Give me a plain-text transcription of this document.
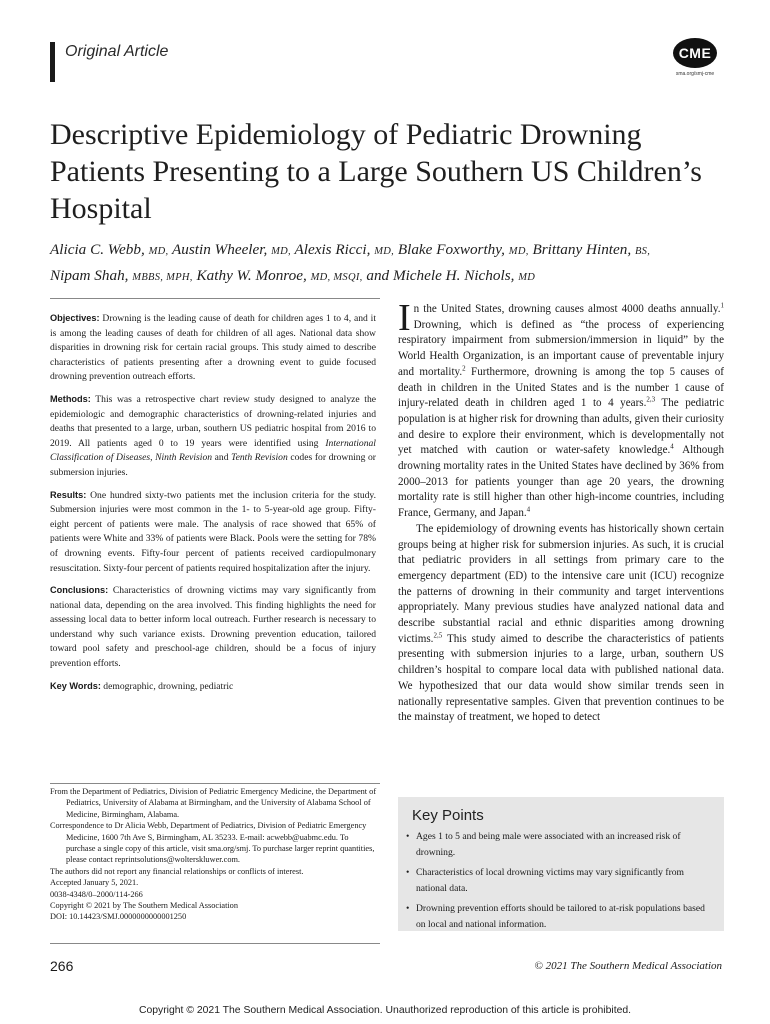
Original Article	CME
sma.org/smj-cme
Descriptive Epidemiology of Pediatric Drowning Patients Presenting to a Large Southern US Children’s Hospital
Alicia C. Webb, MD, Austin Wheeler, MD, Alexis Ricci, MD, Blake Foxworthy, MD, Brittany Hinten, BS,
Nipam Shah, MBBS, MPH, Kathy W. Monroe, MD, MSQI, and Michele H. Nichols, MD

Objectives: Drowning is the leading cause of death for children ages 1 to 4, and it is among the leading causes of death for children of all ages. National data show disparities in drowning risk for certain racial groups. This study aimed to describe characteristics of patients presenting after a drowning event to guide focused drowning prevention outreach efforts.

Methods: This was a retrospective chart review study designed to analyze the epidemiologic and demographic characteristics of drowning-related injuries and deaths that presented to a large, urban, southern US pediatric hospital from 2016 to 2019. All patients aged 0 to 19 years were identified using International Classification of Diseases, Ninth Revision and Tenth Revision codes for drowning or submersion injuries.

Results: One hundred sixty-two patients met the inclusion criteria for the study. Submersion injuries were most common in the 1- to 5-year-old age group. Fifty-eight percent of patients were male. The analysis of race showed that 65% of patients were White and 33% of patients were Black. Pools were the setting for 78% of drowning events. Fifty-four percent of patients received cardiopulmonary resuscitation. Sixty-four percent of patients required hospitalization after the injury.

Conclusions: Characteristics of drowning victims may vary significantly from national data, depending on the area involved. This finding highlights the need for assessing local data to better inform local outreach. Further research is necessary to understand why such variance exists. Drowning prevention education, tailored toward pool safety and preschool-age children, should be a focus of injury prevention efforts.

Key Words: demographic, drowning, pediatric

From the Department of Pediatrics, Division of Pediatric Emergency Medicine, the Department of Pediatrics, University of Alabama at Birmingham, and the University of Alabama School of Medicine, Birmingham, Alabama.
Correspondence to Dr Alicia Webb, Department of Pediatrics, Division of Pediatric Emergency Medicine, 1600 7th Ave S, Birmingham, AL 35233. E-mail: acwebb@uabmc.edu. To purchase a single copy of this article, visit sma.org/smj. To purchase larger reprint quantities, please contact reprintsolutions@wolterskluwer.com.
The authors did not report any financial relationships or conflicts of interest.
Accepted January 5, 2021.
0038-4348/0–2000/114-266
Copyright © 2021 by The Southern Medical Association
DOI: 10.14423/SMJ.0000000000001250

In the United States, drowning causes almost 4000 deaths annually.$^1$ Drowning, which is defined as “the process of experiencing respiratory impairment from submersion/immersion in liquid” by the World Health Organization, is an important cause of preventable injury and mortality.$^2$ Furthermore, drowning is among the top 5 causes of death in children in the United States and is the number 1 cause of injury-related death in children aged 1 to 4 years.$^{2,3}$ The pediatric population is at higher risk for drowning than adults, given their curiosity and desire to explore their environment, which is developmentally not yet matched with caution or water-safety knowledge.$^4$ Although drowning mortality rates in the United States have declined by 36% from 2000–2013 for patients younger than age 20 years, the drowning mortality rate is still higher than other high-income countries, including France, Germany, and Japan.$^4$

The epidemiology of drowning events has historically shown certain groups being at higher risk for submersion injuries. As such, it is crucial that pediatric providers in all settings from primary care to the emergency department (ED) to the intensive care unit (ICU) recognize the patterns of drowning in their community and target interventions appropriately. Many previous studies have analyzed national data and describe substantial racial and ethnic disparities among drowning victims.$^{2,5}$ This study aimed to describe the characteristics of patients presenting with submersion injuries to a large, urban, southern US children’s hospital to compare local data with published national data. We hypothesized that our data would show similar trends seen in nationally representative samples. Given that prevention continues to be the mainstay of treatment, we hoped to detect

Key Points
• Ages 1 to 5 and being male were associated with an increased risk of drowning.
• Characteristics of local drowning victims may vary significantly from national data.
• Drowning prevention efforts should be tailored to at-risk populations based on local and national information.
266	© 2021 The Southern Medical Association
Copyright © 2021 The Southern Medical Association. Unauthorized reproduction of this article is prohibited.
